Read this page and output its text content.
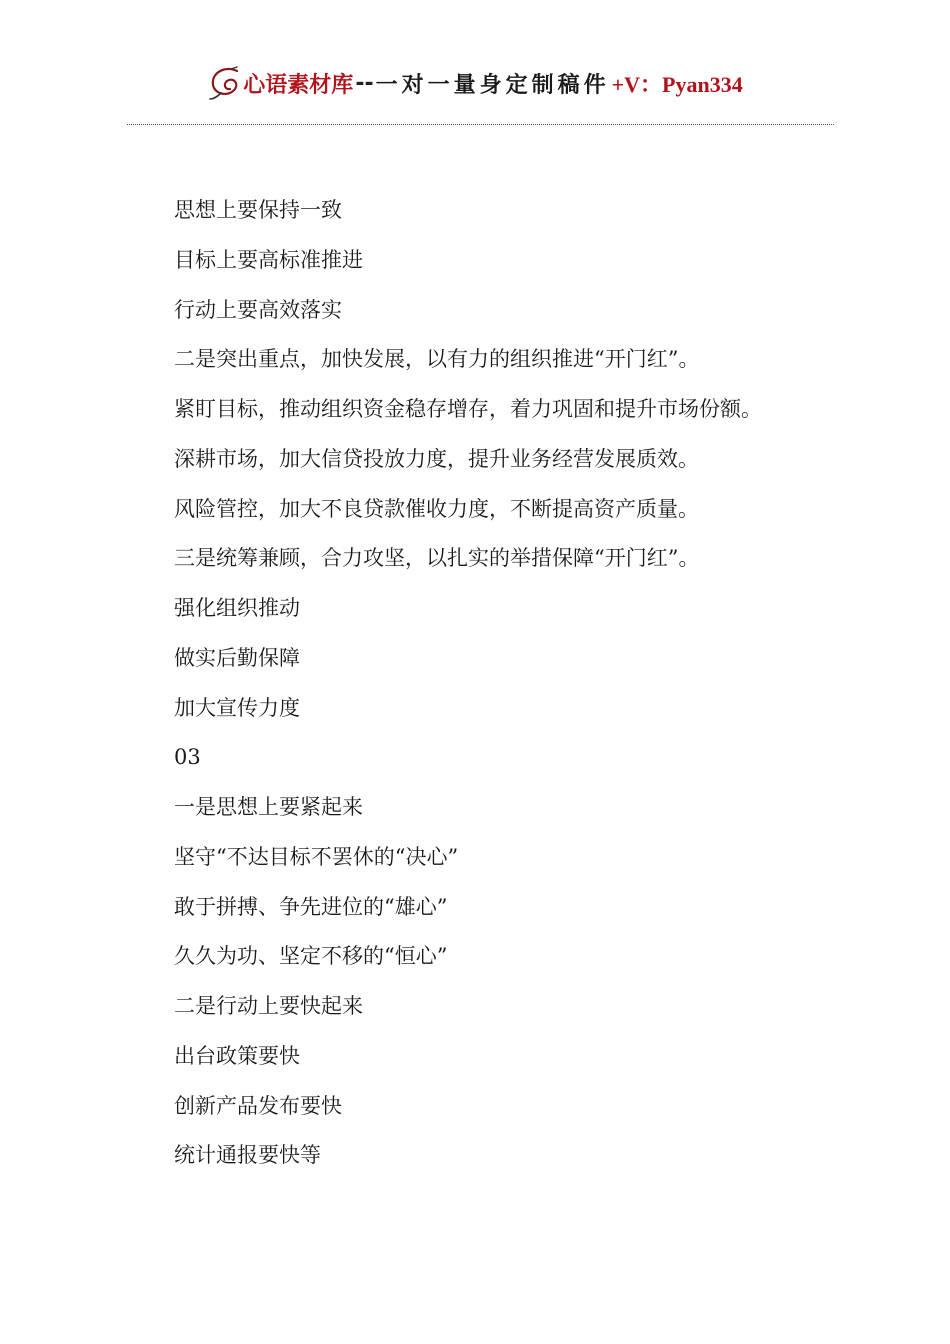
心语素材库 -- 一对一量身定制稿件 +V：Pyan334
思想上要保持一致
目标上要高标准推进
行动上要高效落实
二是突出重点，加快发展，以有力的组织推进“开门红”。
紧盯目标，推动组织资金稳存增存，着力巩固和提升市场份额。
深耕市场，加大信贷投放力度，提升业务经营发展质效。
风险管控，加大不良贷款催收力度，不断提高资产质量。
三是统筹兼顾，合力攻坚，以扎实的举措保障“开门红”。
强化组织推动
做实后勤保障
加大宣传力度
03
一是思想上要紧起来
坚守“不达目标不罢休的“决心”
敢于拼搏、争先进位的“雄心”
久久为功、坚定不移的“恒心”
二是行动上要快起来
出台政策要快
创新产品发布要快
统计通报要快等
